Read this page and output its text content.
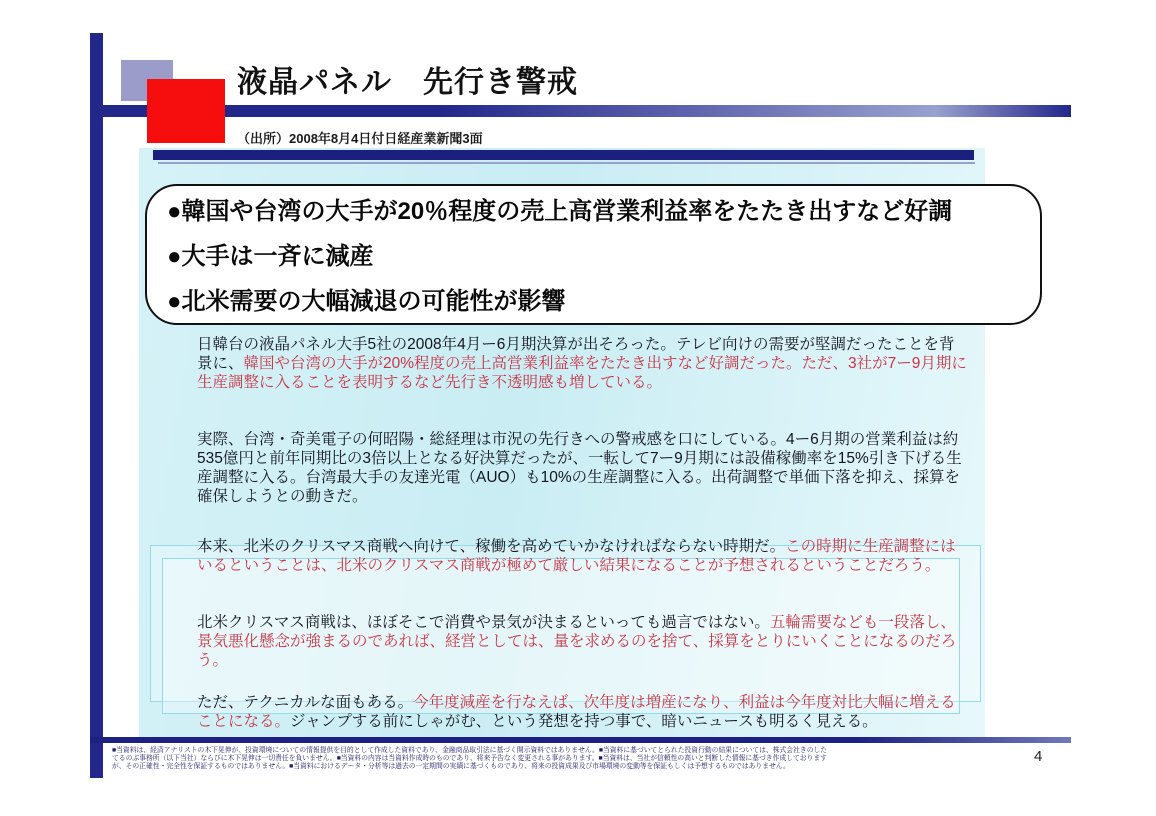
液晶パネル　先行き警戒
（出所）2008年8月4日付日経産業新聞3面
●韓国や台湾の大手が20％程度の売上高営業利益率をたたき出すなど好調
●大手は一斉に減産
●北米需要の大幅減退の可能性が影響
日韓台の液晶パネル大手5社の2008年4月ー6月期決算が出そろった。テレビ向けの需要が堅調だったことを背景に、韓国や台湾の大手が20%程度の売上高営業利益率をたたき出すなど好調だった。ただ、3社が7ー9月期に生産調整に入ることを表明するなど先行き不透明感も増している。
実際、台湾・奇美電子の何昭陽・総経理は市況の先行きへの警戒感を口にしている。4ー6月期の営業利益は約535億円と前年同期比の3倍以上となる好決算だったが、一転して7ー9月期には設備稼働率を15%引き下げる生産調整に入る。台湾最大手の友達光電（AUO）も10%の生産調整に入る。出荷調整で単価下落を抑え、採算を確保しようとの動きだ。
本来、北米のクリスマス商戦へ向けて、稼働を高めていかなければならない時期だ。この時期に生産調整にはいるということは、北米のクリスマス商戦が極めて厳しい結果になることが予想されるということだろう。
北米クリスマス商戦は、ほぼそこで消費や景気が決まるといっても過言ではない。五輪需要なども一段落し、景気悪化懸念が強まるのであれば、経営としては、量を求めるのを捨て、採算をとりにいくことになるのだろう。
ただ、テクニカルな面もある。今年度減産を行なえば、次年度は増産になり、利益は今年度対比大幅に増えることになる。ジャンプする前にしゃがむ、という発想を持つ事で、暗いニュースも明るく見える。
■当資料は、経済アナリストの木下晃伸が、投資環境についての情報提供を目的として作成した資料であり、金融商品取引法に基づく開示資料ではありません。■当資料に基づいてとられた投資行動の結果については、株式会社きのした
てるのぶ事務所（以下当社）ならびに木下晃伸は一切責任を負いません。■当資料の内容は当資料作成時のものであり、将来予告なく変更される事があります。■当資料は、当社が信頼性の高いと判断した情報に基づき作成しております
が、その正確性・完全性を保証するものではありません。■当資料におけるデータ・分析等は過去の一定期間の実績に基づくものであり、将来の投資成果及び市場環境の変動等を保証もしくは予想するものではありません。
4
